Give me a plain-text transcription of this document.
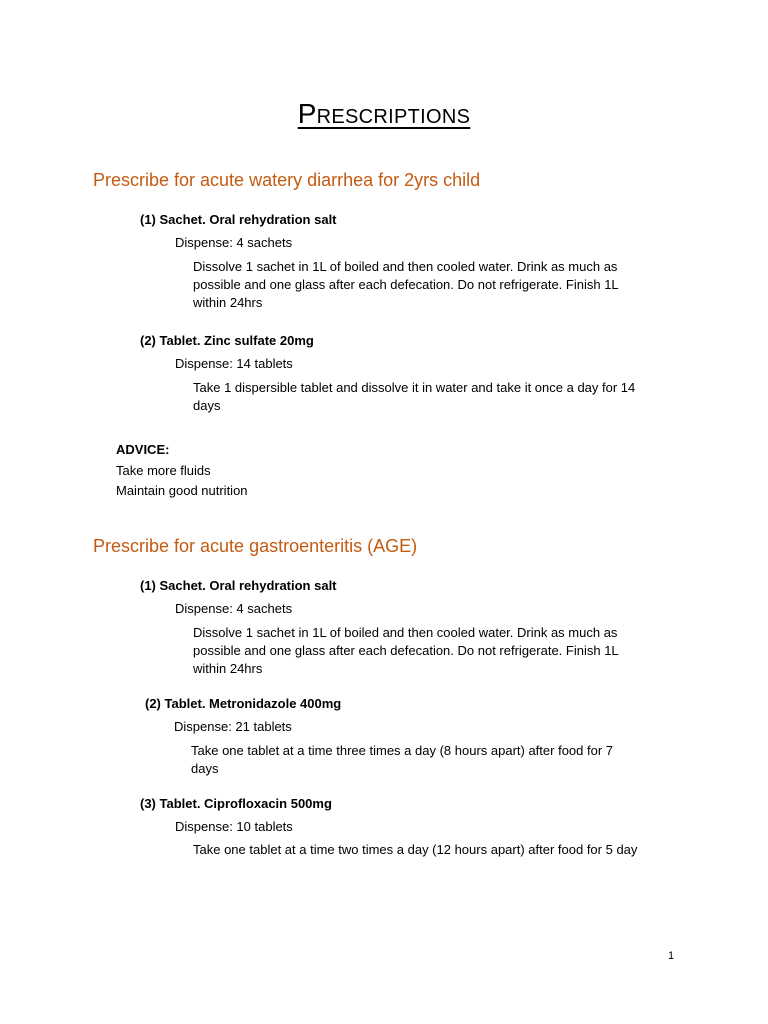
Prescriptions
Prescribe for acute watery diarrhea for 2yrs child
(1) Sachet. Oral rehydration salt
Dispense: 4 sachets
Dissolve 1 sachet in 1L of boiled and then cooled water. Drink as much as
possible and one glass after each defecation. Do not refrigerate. Finish 1L
within 24hrs
(2) Tablet. Zinc sulfate 20mg
Dispense: 14 tablets
Take 1 dispersible tablet and dissolve it in water and take it once a day for 14
days
ADVICE:
Take more fluids
Maintain good nutrition
Prescribe for acute gastroenteritis (AGE)
(1) Sachet. Oral rehydration salt
Dispense: 4 sachets
Dissolve 1 sachet in 1L of boiled and then cooled water. Drink as much as
possible and one glass after each defecation. Do not refrigerate. Finish 1L
within 24hrs
(2) Tablet. Metronidazole 400mg
Dispense: 21 tablets
Take one tablet at a time three times a day (8 hours apart) after food for 7
days
(3) Tablet. Ciprofloxacin 500mg
Dispense: 10 tablets
Take one tablet at a time two times a day (12 hours apart) after food for 5 day
1
